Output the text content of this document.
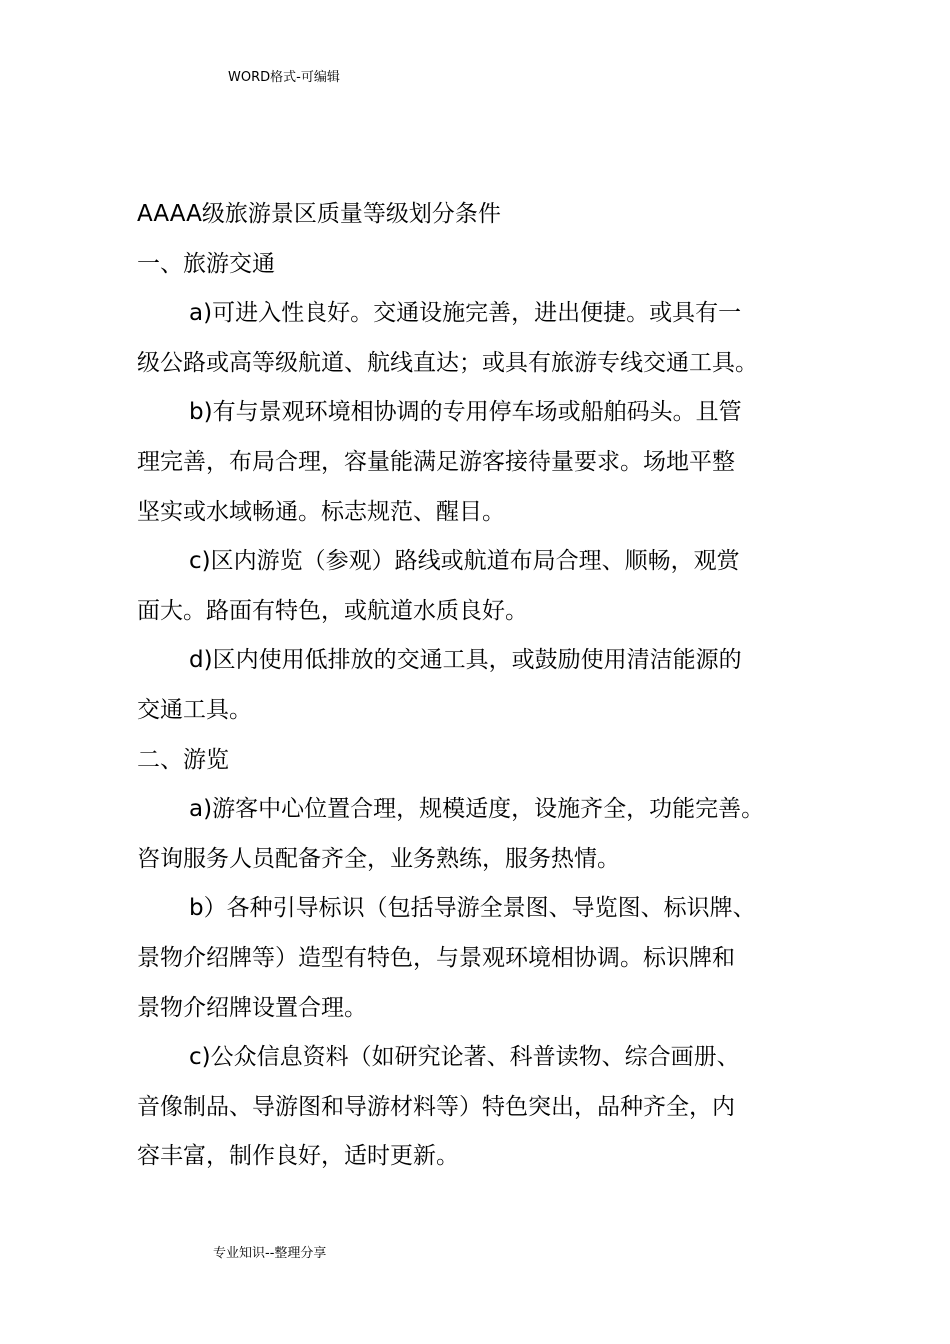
WORD格式-可编辑
AAAA级旅游景区质量等级划分条件
一、旅游交通
a)可进入性良好。交通设施完善，进出便捷。或具有一
级公路或高等级航道、航线直达；或具有旅游专线交通工具。
b)有与景观环境相协调的专用停车场或船舶码头。且管
理完善，布局合理，容量能满足游客接待量要求。场地平整
坚实或水域畅通。标志规范、醒目。
c)区内游览（参观）路线或航道布局合理、顺畅，观赏
面大。路面有特色，或航道水质良好。
d)区内使用低排放的交通工具，或鼓励使用清洁能源的
交通工具。
二、游览
a)游客中心位置合理，规模适度，设施齐全，功能完善。
咨询服务人员配备齐全，业务熟练，服务热情。
b）各种引导标识（包括导游全景图、导览图、标识牌、
景物介绍牌等）造型有特色，与景观环境相协调。标识牌和
景物介绍牌设置合理。
c)公众信息资料（如研究论著、科普读物、综合画册、
音像制品、导游图和导游材料等）特色突出，品种齐全，内
容丰富，制作良好，适时更新。
专业知识--整理分享
